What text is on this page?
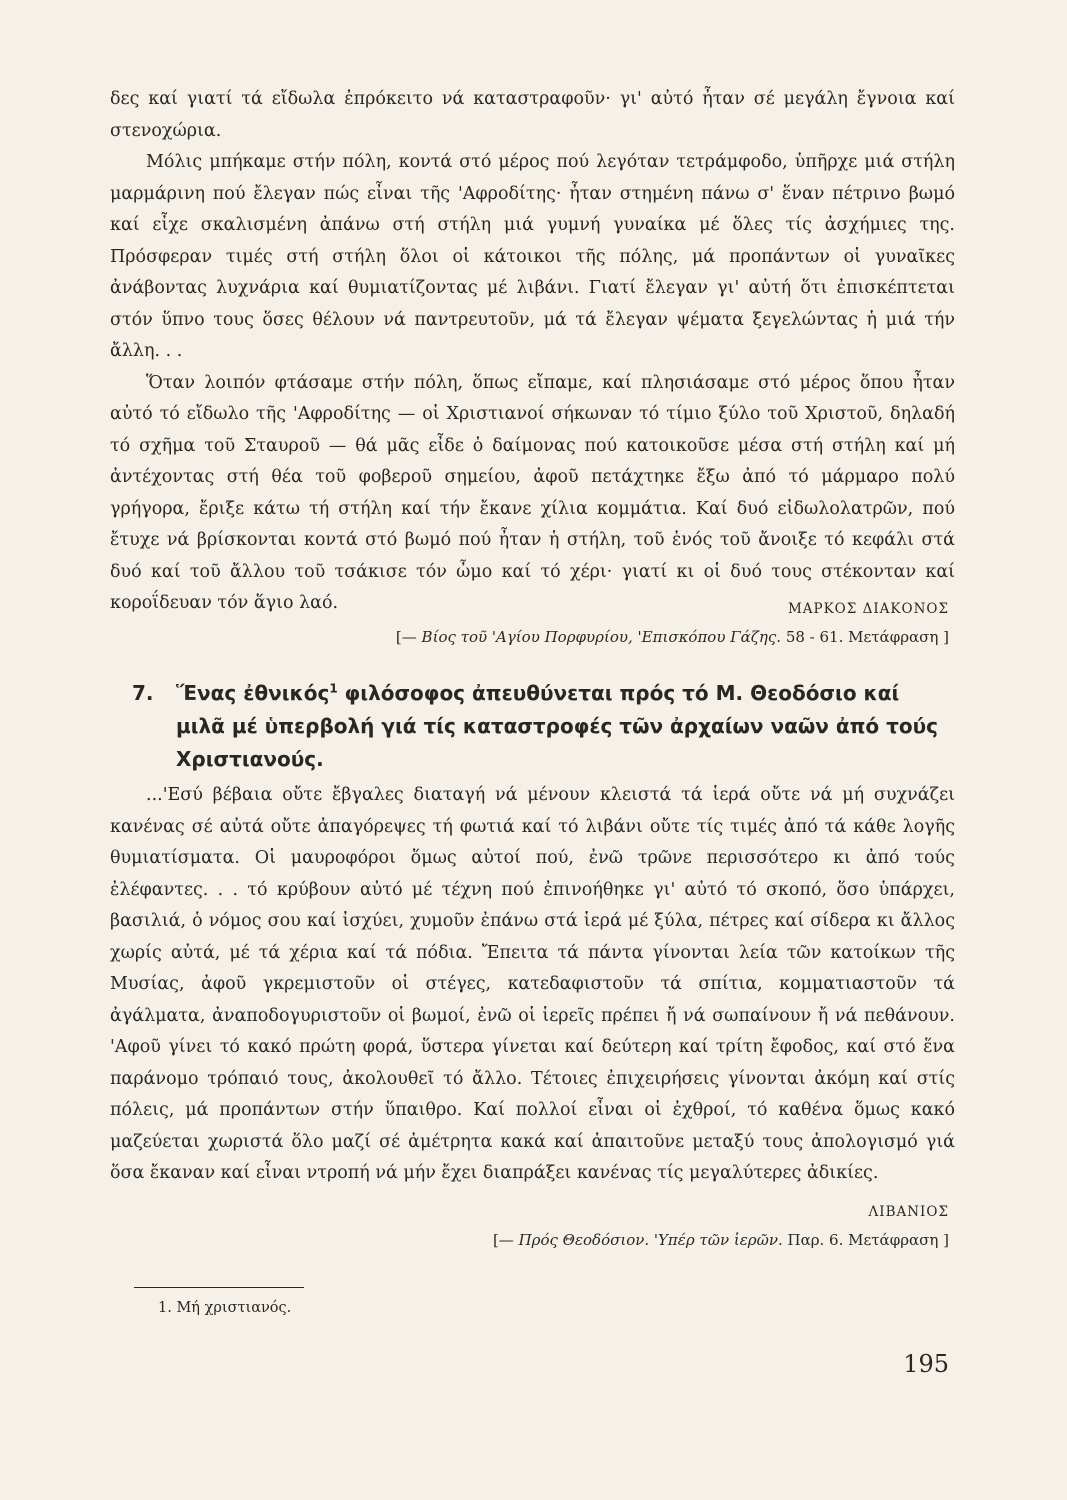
δες καί γιατί τά εἴδωλα ἐπρόκειτο νά καταστραφοῦν· γι' αὐτό ἦταν σέ μεγάλη ἔγνοια καί στενοχώρια.

Μόλις μπήκαμε στήν πόλη, κοντά στό μέρος πού λεγόταν τετράμφοδο, ὑπῆρχε μιά στήλη μαρμάρινη πού ἔλεγαν πώς εἶναι τῆς 'Αφροδίτης· ἦταν στημένη πάνω σ' ἕναν πέτρινο βωμό καί εἶχε σκαλισμένη ἀπάνω στή στήλη μιά γυμνή γυναίκα μέ ὅλες τίς ἀσχήμιες της. Πρόσφεραν τιμές στή στήλη ὅλοι οἱ κάτοικοι τῆς πόλης, μά προπάντων οἱ γυναῖκες ἀνάβοντας λυχνάρια καί θυμιατίζοντας μέ λιβάνι. Γιατί ἔλεγαν γι' αὐτή ὅτι ἐπισκέπτεται στόν ὕπνο τους ὅσες θέλουν νά παντρευτοῦν, μά τά ἔλεγαν ψέματα ξεγελώντας ἡ μιά τήν ἄλλη. . .

Ὅταν λοιπόν φτάσαμε στήν πόλη, ὅπως εἴπαμε, καί πλησιάσαμε στό μέρος ὅπου ἦταν αὐτό τό εἴδωλο τῆς 'Αφροδίτης — οἱ Χριστιανοί σήκωναν τό τίμιο ξύλο τοῦ Χριστοῦ, δηλαδή τό σχῆμα τοῦ Σταυροῦ — θά μᾶς εἶδε ὁ δαίμονας πού κατοικοῦσε μέσα στή στήλη καί μή ἀντέχοντας στή θέα τοῦ φοβεροῦ σημείου, ἀφοῦ πετάχτηκε ἔξω ἀπό τό μάρμαρο πολύ γρήγορα, ἔριξε κάτω τή στήλη καί τήν ἔκανε χίλια κομμάτια. Καί δυό εἰδωλολατρῶν, πού ἔτυχε νά βρίσκονται κοντά στό βωμό πού ἦταν ἡ στήλη, τοῦ ἑνός τοῦ ἄνοιξε τό κεφάλι στά δυό καί τοῦ ἄλλου τοῦ τσάκισε τόν ὦμο καί τό χέρι· γιατί κι οἱ δυό τους στέκονταν καί κοροΐδευαν τόν ἅγιο λαό.	ΜΑΡΚΟΣ ΔΙΑΚΟΝΟΣ
[— Βίος τοῦ 'Αγίου Πορφυρίου, 'Επισκόπου Γάζης. 58 - 61. Μετάφραση ]
7.	Ἕνας ἐθνικός$^1$ φιλόσοφος ἀπευθύνεται πρός τό Μ. Θεοδόσιο καί μιλᾶ μέ ὑπερβολή γιά τίς καταστροφές τῶν ἀρχαίων ναῶν ἀπό τούς Χριστιανούς.

...'Εσύ βέβαια οὔτε ἔβγαλες διαταγή νά μένουν κλειστά τά ἱερά οὔτε νά μή συχνάζει κανένας σέ αὐτά οὔτε ἀπαγόρεψες τή φωτιά καί τό λιβάνι οὔτε τίς τιμές ἀπό τά κάθε λογῆς θυμιατίσματα. Οἱ μαυροφόροι ὅμως αὐτοί πού, ἐνῶ τρῶνε περισσότερο κι ἀπό τούς ἐλέφαντες. . . τό κρύβουν αὐτό μέ τέχνη πού ἐπινοήθηκε γι' αὐτό τό σκοπό, ὅσο ὑπάρχει, βασιλιά, ὁ νόμος σου καί ἰσχύει, χυμοῦν ἐπάνω στά ἱερά μέ ξύλα, πέτρες καί σίδερα κι ἄλλος χωρίς αὐτά, μέ τά χέρια καί τά πόδια. Ἔπειτα τά πάντα γίνονται λεία τῶν κατοίκων τῆς Μυσίας, ἀφοῦ γκρεμιστοῦν οἱ στέγες, κατεδαφιστοῦν τά σπίτια, κομματιαστοῦν τά ἀγάλματα, ἀναποδογυριστοῦν οἱ βωμοί, ἐνῶ οἱ ἱερεῖς πρέπει ἤ νά σωπαίνουν ἤ νά πεθάνουν. 'Αφοῦ γίνει τό κακό πρώτη φορά, ὕστερα γίνεται καί δεύτερη καί τρίτη ἔφοδος, καί στό ἕνα παράνομο τρόπαιό τους, ἀκολουθεῖ τό ἄλλο. Τέτοιες ἐπιχειρήσεις γίνονται ἀκόμη καί στίς πόλεις, μά προπάντων στήν ὕπαιθρο. Καί πολλοί εἶναι οἱ ἐχθροί, τό καθένα ὅμως κακό μαζεύεται χωριστά ὅλο μαζί σέ ἀμέτρητα κακά καί ἀπαιτοῦνε μεταξύ τους ἀπολογισμό γιά ὅσα ἔκαναν καί εἶναι ντροπή νά μήν ἔχει διαπράξει κανένας τίς μεγαλύτερες ἀδικίες.

ΛΙΒΑΝΙΟΣ
[— Πρός Θεοδόσιον. 'Υπέρ τῶν ἱερῶν. Παρ. 6. Μετάφραση ]
1. Μή χριστιανός.
195
